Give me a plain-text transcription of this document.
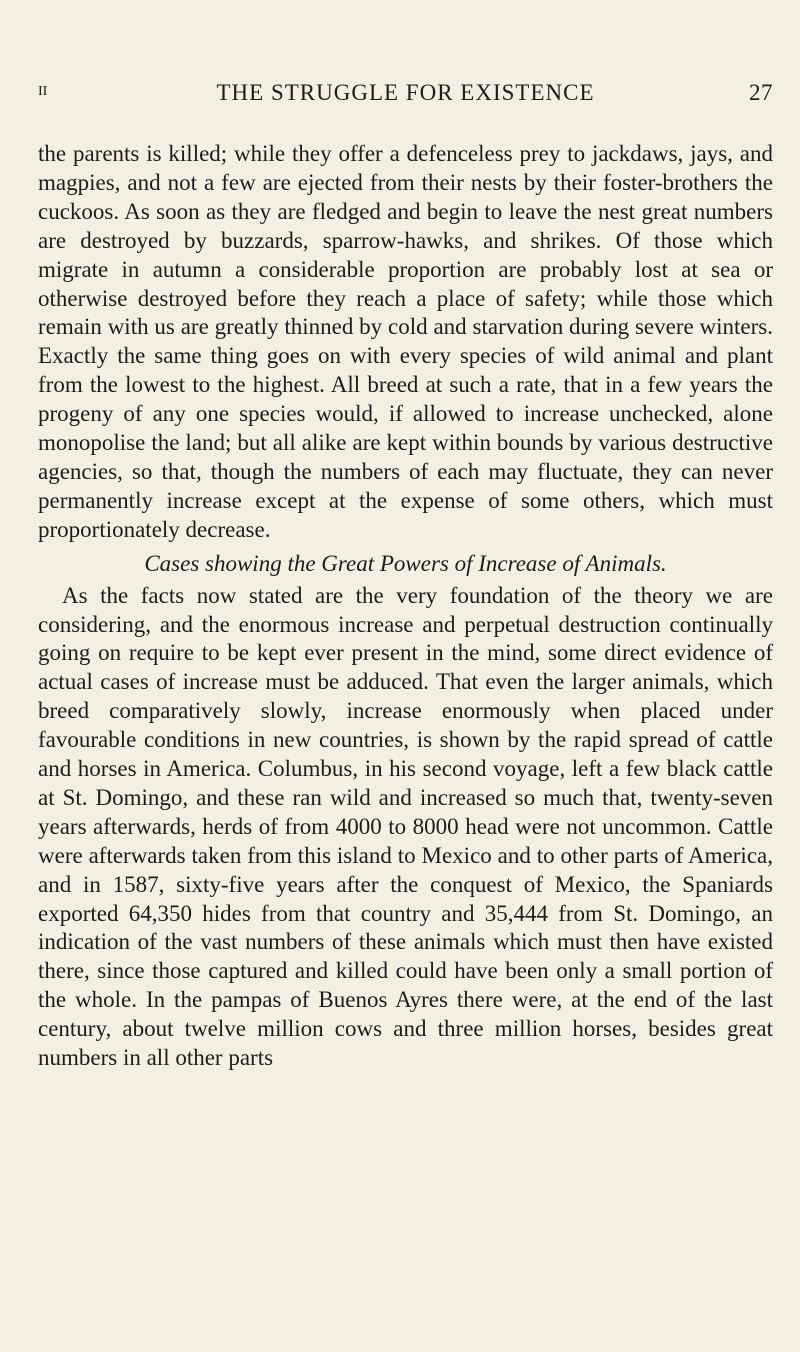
II	THE STRUGGLE FOR EXISTENCE	27

the parents is killed; while they offer a defenceless prey to jackdaws, jays, and magpies, and not a few are ejected from their nests by their foster-brothers the cuckoos. As soon as they are fledged and begin to leave the nest great numbers are destroyed by buzzards, sparrow-hawks, and shrikes. Of those which migrate in autumn a considerable proportion are probably lost at sea or otherwise destroyed before they reach a place of safety; while those which remain with us are greatly thinned by cold and starvation during severe winters. Exactly the same thing goes on with every species of wild animal and plant from the lowest to the highest. All breed at such a rate, that in a few years the progeny of any one species would, if allowed to increase unchecked, alone monopolise the land; but all alike are kept within bounds by various destructive agencies, so that, though the numbers of each may fluctuate, they can never permanently increase except at the expense of some others, which must proportionately decrease.

Cases showing the Great Powers of Increase of Animals.

As the facts now stated are the very foundation of the theory we are considering, and the enormous increase and perpetual destruction continually going on require to be kept ever present in the mind, some direct evidence of actual cases of increase must be adduced. That even the larger animals, which breed comparatively slowly, increase enormously when placed under favourable conditions in new countries, is shown by the rapid spread of cattle and horses in America. Columbus, in his second voyage, left a few black cattle at St. Domingo, and these ran wild and increased so much that, twenty-seven years afterwards, herds of from 4000 to 8000 head were not uncommon. Cattle were afterwards taken from this island to Mexico and to other parts of America, and in 1587, sixty-five years after the conquest of Mexico, the Spaniards exported 64,350 hides from that country and 35,444 from St. Domingo, an indication of the vast numbers of these animals which must then have existed there, since those captured and killed could have been only a small portion of the whole. In the pampas of Buenos Ayres there were, at the end of the last century, about twelve million cows and three million horses, besides great numbers in all other parts
